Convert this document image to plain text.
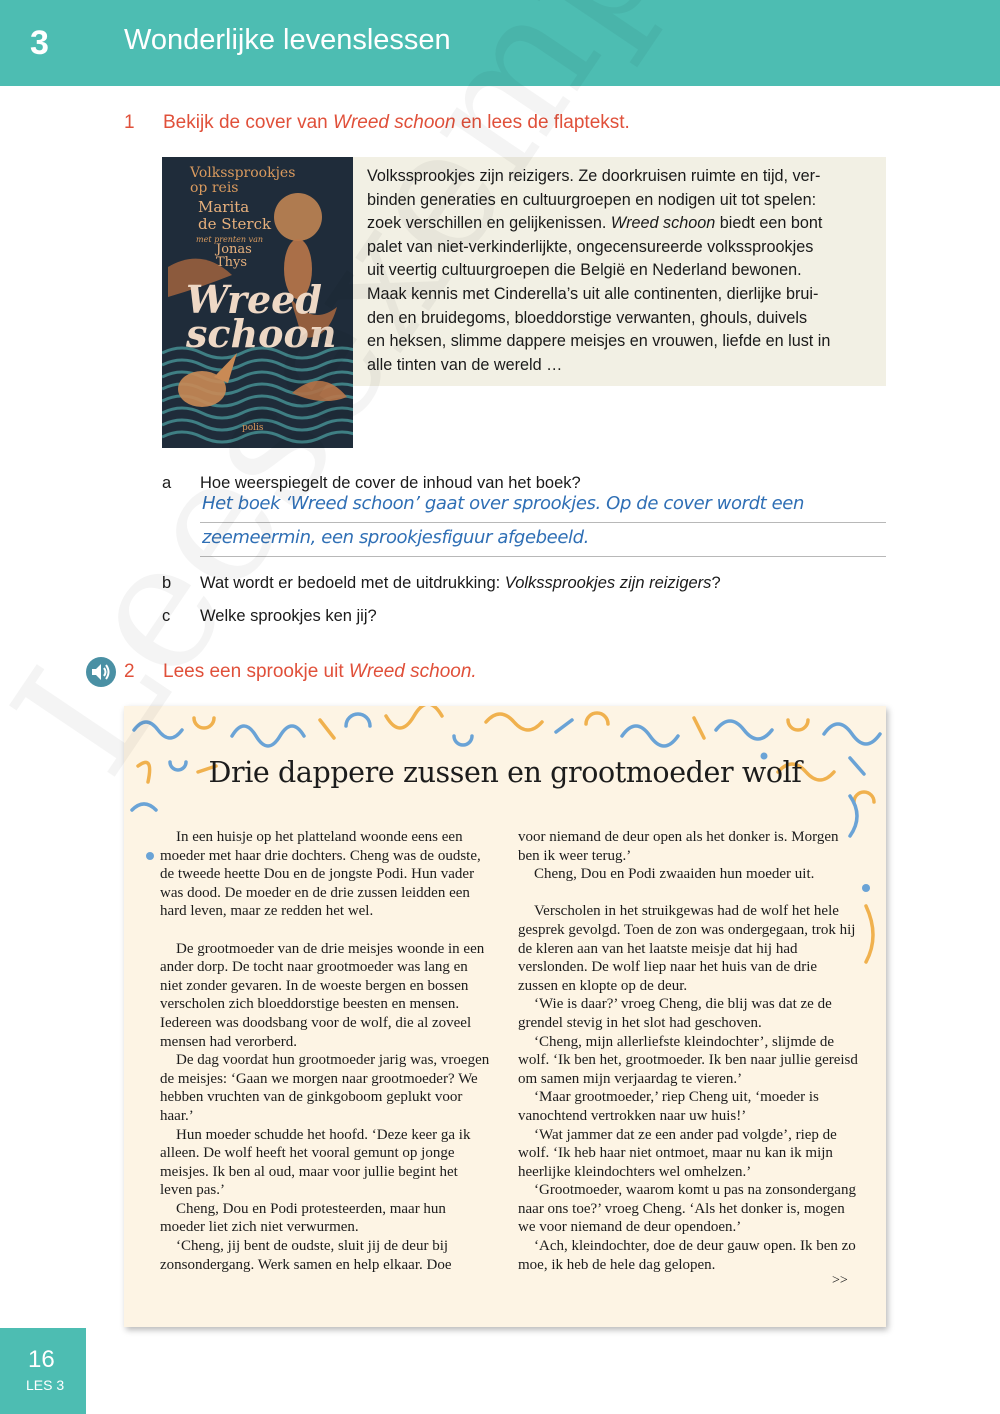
3	Wonderlijke levenslessen
1 Bekijk de cover van Wreed schoon en lees de flaptekst.
Volkssprookjes
op reis
Marita
de Sterck
met prenten van
Jonas
Thys
Wreed
schoon
polis
Volkssprookjes zijn reizigers. Ze doorkruisen ruimte en tijd, ver-
binden generaties en cultuurgroepen en nodigen uit tot spelen:
zoek verschillen en gelijkenissen. Wreed schoon biedt een bont
palet van niet-verkinderlijkte, ongecensureerde volkssprookjes
uit veertig cultuurgroepen die België en Nederland bewonen.
Maak kennis met Cinderella’s uit alle continenten, dierlijke brui-
den en bruidegoms, bloeddorstige verwanten, ghouls, duivels
en heksen, slimme dappere meisjes en vrouwen, liefde en lust in
alle tinten van de wereld …
a Hoe weerspiegelt de cover de inhoud van het boek?
Het boek ‘Wreed schoon’ gaat over sprookjes. Op de cover wordt een
zeemeermin, een sprookjesfiguur afgebeeld.
b Wat wordt er bedoeld met de uitdrukking: Volkssprookjes zijn reizigers?
c Welke sprookjes ken jij?
2 Lees een sprookje uit Wreed schoon.
Drie dappere zussen en grootmoeder wolf

In een huisje op het platteland woonde eens een moeder met haar drie dochters. Cheng was de oudste, de tweede heette Dou en de jongste Podi. Hun vader was dood. De moeder en de drie zussen leidden een hard leven, maar ze redden het wel.

De grootmoeder van de drie meisjes woonde in een ander dorp. De tocht naar grootmoeder was lang en niet zonder gevaren. In de woeste bergen en bossen verscholen zich bloeddorstige beesten en mensen. Iedereen was doodsbang voor de wolf, die al zoveel mensen had verorberd.

De dag voordat hun grootmoeder jarig was, vroegen de meisjes: ‘Gaan we morgen naar grootmoeder? We hebben vruchten van de ginkgoboom geplukt voor haar.’

Hun moeder schudde het hoofd. ‘Deze keer ga ik alleen. De wolf heeft het vooral gemunt op jonge meisjes. Ik ben al oud, maar voor jullie begint het leven pas.’

Cheng, Dou en Podi protesteerden, maar hun moeder liet zich niet verwurmen.

‘Cheng, jij bent de oudste, sluit jij de deur bij zonsondergang. Werk samen en help elkaar. Doe

voor niemand de deur open als het donker is. Morgen ben ik weer terug.’

Cheng, Dou en Podi zwaaiden hun moeder uit.

Verscholen in het struikgewas had de wolf het hele gesprek gevolgd. Toen de zon was ondergegaan, trok hij de kleren aan van het laatste meisje dat hij had verslonden. De wolf liep naar het huis van de drie zussen en klopte op de deur.

‘Wie is daar?’ vroeg Cheng, die blij was dat ze de grendel stevig in het slot had geschoven.

‘Cheng, mijn allerliefste kleindochter’, slijmde de wolf. ‘Ik ben het, grootmoeder. Ik ben naar jullie gereisd om samen mijn verjaardag te vieren.’

‘Maar grootmoeder,’ riep Cheng uit, ‘moeder is vanochtend vertrokken naar uw huis!’

‘Wat jammer dat ze een ander pad volgde’, riep de wolf. ‘Ik heb haar niet ontmoet, maar nu kan ik mijn heerlijke kleindochters wel omhelzen.’

‘Grootmoeder, waarom komt u pas na zonsondergang naar ons toe?’ vroeg Cheng. ‘Als het donker is, mogen we voor niemand de deur opendoen.’

‘Ach, kleindochter, doe de deur gauw open. Ik ben zo moe, ik heb de hele dag gelopen.

>>
16
LES 3
